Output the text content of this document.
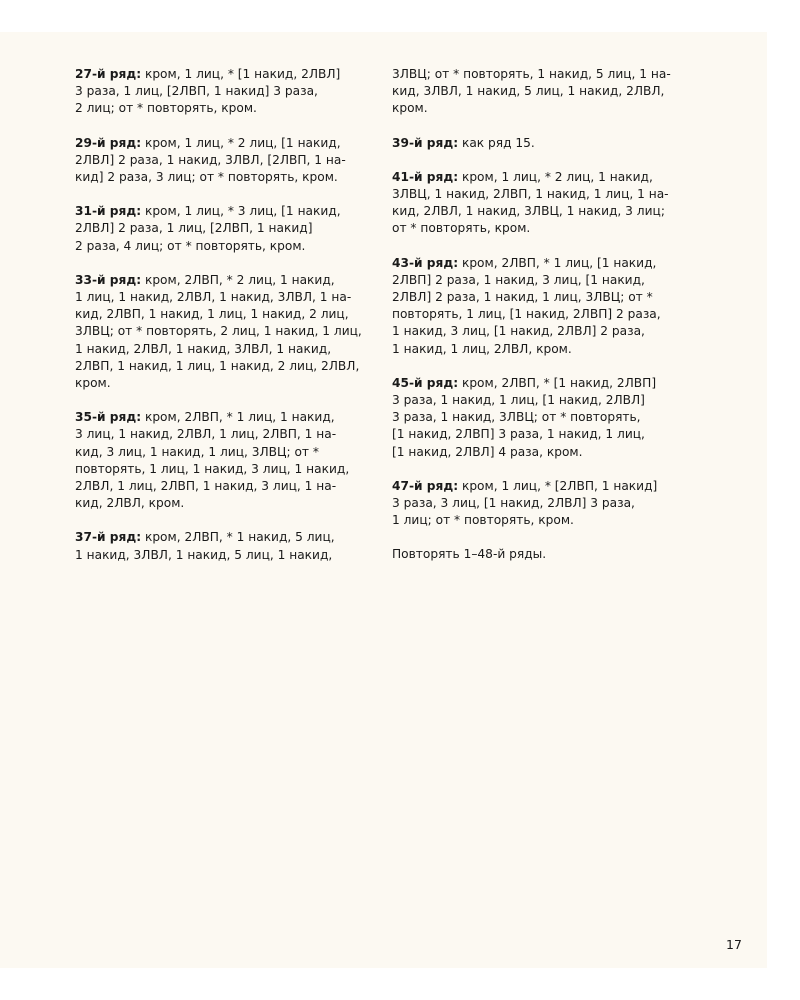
27-й ряд: кром, 1 лиц, * [1 накид, 2ЛВЛ]
3 раза, 1 лиц, [2ЛВП, 1 накид] 3 раза,
2 лиц; от * повторять, кром.
29-й ряд: кром, 1 лиц, * 2 лиц, [1 накид,
2ЛВЛ] 2 раза, 1 накид, 3ЛВЛ, [2ЛВП, 1 на-
кид] 2 раза, 3 лиц; от * повторять, кром.
31-й ряд: кром, 1 лиц, * 3 лиц, [1 накид,
2ЛВЛ] 2 раза, 1 лиц, [2ЛВП, 1 накид]
2 раза, 4 лиц; от * повторять, кром.
33-й ряд: кром, 2ЛВП, * 2 лиц, 1 накид,
1 лиц, 1 накид, 2ЛВЛ, 1 накид, 3ЛВЛ, 1 на-
кид, 2ЛВП, 1 накид, 1 лиц, 1 накид, 2 лиц,
3ЛВЦ; от * повторять, 2 лиц, 1 накид, 1 лиц,
1 накид, 2ЛВЛ, 1 накид, 3ЛВЛ, 1 накид,
2ЛВП, 1 накид, 1 лиц, 1 накид, 2 лиц, 2ЛВЛ,
кром.
35-й ряд: кром, 2ЛВП, * 1 лиц, 1 накид,
3 лиц, 1 накид, 2ЛВЛ, 1 лиц, 2ЛВП, 1 на-
кид, 3 лиц, 1 накид, 1 лиц, 3ЛВЦ; от *
повторять, 1 лиц, 1 накид, 3 лиц, 1 накид,
2ЛВЛ, 1 лиц, 2ЛВП, 1 накид, 3 лиц, 1 на-
кид, 2ЛВЛ, кром.
37-й ряд: кром, 2ЛВП, * 1 накид, 5 лиц,
1 накид, 3ЛВЛ, 1 накид, 5 лиц, 1 накид,
3ЛВЦ; от * повторять, 1 накид, 5 лиц, 1 на-
кид, 3ЛВЛ, 1 накид, 5 лиц, 1 накид, 2ЛВЛ,
кром.
39-й ряд: как ряд 15.
41-й ряд: кром, 1 лиц, * 2 лиц, 1 накид,
3ЛВЦ, 1 накид, 2ЛВП, 1 накид, 1 лиц, 1 на-
кид, 2ЛВЛ, 1 накид, 3ЛВЦ, 1 накид, 3 лиц;
от * повторять, кром.
43-й ряд: кром, 2ЛВП, * 1 лиц, [1 накид,
2ЛВП] 2 раза, 1 накид, 3 лиц, [1 накид,
2ЛВЛ] 2 раза, 1 накид, 1 лиц, 3ЛВЦ; от *
повторять, 1 лиц, [1 накид, 2ЛВП] 2 раза,
1 накид, 3 лиц, [1 накид, 2ЛВЛ] 2 раза,
1 накид, 1 лиц, 2ЛВЛ, кром.
45-й ряд: кром, 2ЛВП, * [1 накид, 2ЛВП]
3 раза, 1 накид, 1 лиц, [1 накид, 2ЛВЛ]
3 раза, 1 накид, 3ЛВЦ; от * повторять,
[1 накид, 2ЛВП] 3 раза, 1 накид, 1 лиц,
[1 накид, 2ЛВЛ] 4 раза, кром.
47-й ряд: кром, 1 лиц, * [2ЛВП, 1 накид]
3 раза, 3 лиц, [1 накид, 2ЛВЛ] 3 раза,
1 лиц; от * повторять, кром.
Повторять 1–48-й ряды.
17
